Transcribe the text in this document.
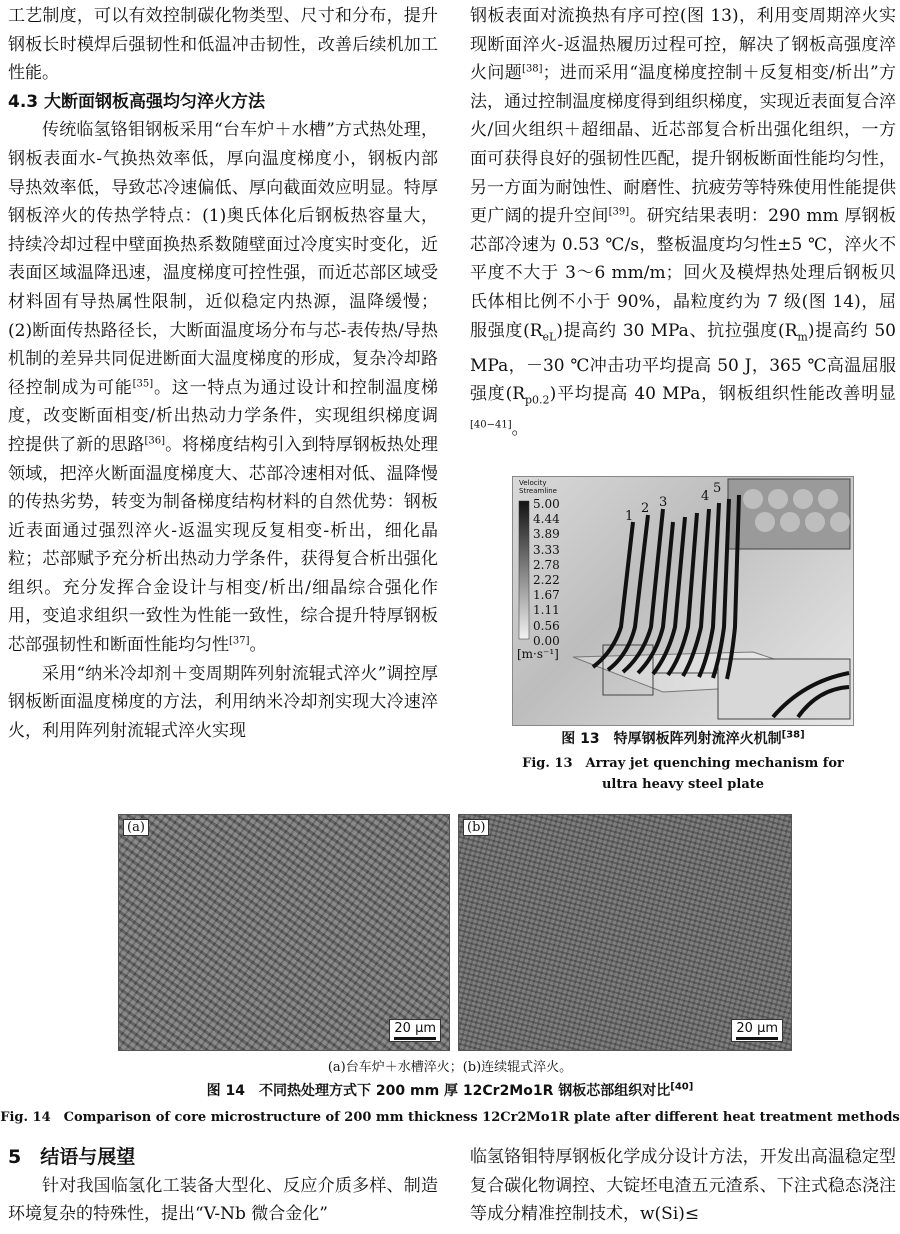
工艺制度，可以有效控制碳化物类型、尺寸和分布，提升钢板长时模焊后强韧性和低温冲击韧性，改善后续机加工性能。

4.3 大断面钢板高强均匀淬火方法

传统临氢铬钼钢板采用“台车炉＋水槽”方式热处理，钢板表面水-气换热效率低，厚向温度梯度小，钢板内部导热效率低，导致芯冷速偏低、厚向截面效应明显。特厚钢板淬火的传热学特点：(1)奥氏体化后钢板热容量大，持续冷却过程中壁面换热系数随壁面过冷度实时变化，近表面区域温降迅速，温度梯度可控性强，而近芯部区域受材料固有导热属性限制，近似稳定内热源，温降缓慢；(2)断面传热路径长，大断面温度场分布与芯-表传热/导热机制的差异共同促进断面大温度梯度的形成，复杂冷却路径控制成为可能[35]。这一特点为通过设计和控制温度梯度，改变断面相变/析出热动力学条件，实现组织梯度调控提供了新的思路[36]。将梯度结构引入到特厚钢板热处理领域，把淬火断面温度梯度大、芯部冷速相对低、温降慢的传热劣势，转变为制备梯度结构材料的自然优势：钢板近表面通过强烈淬火-返温实现反复相变-析出，细化晶粒；芯部赋予充分析出热动力学条件，获得复合析出强化组织。充分发挥合金设计与相变/析出/细晶综合强化作用，变追求组织一致性为性能一致性，综合提升特厚钢板芯部强韧性和断面性能均匀性[37]。

采用“纳米冷却剂＋变周期阵列射流辊式淬火”调控厚钢板断面温度梯度的方法，利用纳米冷却剂实现大冷速淬火，利用阵列射流辊式淬火实现

钢板表面对流换热有序可控(图 13)，利用变周期淬火实现断面淬火-返温热履历过程可控，解决了钢板高强度淬火问题[38]；进而采用“温度梯度控制＋反复相变/析出”方法，通过控制温度梯度得到组织梯度，实现近表面复合淬火/回火组织＋超细晶、近芯部复合析出强化组织，一方面可获得良好的强韧性匹配，提升钢板断面性能均匀性，另一方面为耐蚀性、耐磨性、抗疲劳等特殊使用性能提供更广阔的提升空间[39]。研究结果表明：290 mm 厚钢板芯部冷速为 0.53 ℃/s，整板温度均匀性±5 ℃，淬火不平度不大于 3～6 mm/m；回火及模焊热处理后钢板贝氏体相比例不小于 90%，晶粒度约为 7 级(图 14)，屈服强度$(R_{eL})$提高约 30 MPa、抗拉强度$(R_m)$提高约 50 MPa，－30 ℃冲击功平均提高 50 J，365 ℃高温屈服强度$(R_{p0.2})$平均提高 40 MPa，钢板组织性能改善明显[40−41]。

Velocity
Streamline
5.00
4.44
3.89
3.33
2.78
2.22
1.67
1.11
0.56
0.00
[m·s⁻¹]
1
2 3	4
5
图 13　特厚钢板阵列射流淬火机制[38]
Fig. 13　Array jet quenching mechanism for
ultra heavy steel plate
(a)
20 μm
(b)
20 μm
(a)台车炉＋水槽淬火；(b)连续辊式淬火。
图 14　不同热处理方式下 200 mm 厚 12Cr2Mo1R 钢板芯部组织对比[40]
Fig. 14　Comparison of core microstructure of 200 mm thickness 12Cr2Mo1R plate after different heat treatment methods

5　结语与展望

针对我国临氢化工装备大型化、反应介质多样、制造环境复杂的特殊性，提出“V-Nb 微合金化”

临氢铬钼特厚钢板化学成分设计方法，开发出高温稳定型复合碳化物调控、大锭坯电渣五元渣系、下注式稳态浇注等成分精准控制技术，w(Si)≤
